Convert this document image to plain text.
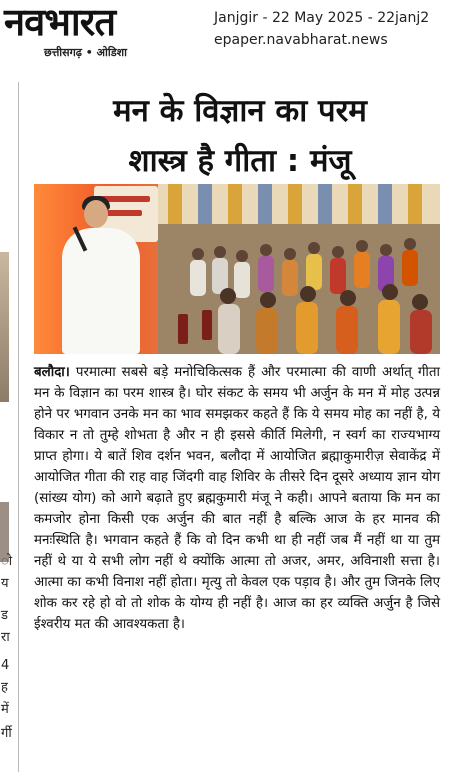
नवभारत
छत्तीसगढ़ • ओडिशा
Janjgir - 22 May 2025 - 22janj2
epaper.navabharat.news
ो
य
ड
रा
4
ह
में
र्गी
मन के विज्ञान का परम
शास्त्र है गीता : मंजू
बलौदा। परमात्मा सबसे बड़े मनोचिकित्सक हैं और परमात्मा की वाणी अर्थात् गीता मन के विज्ञान का परम शास्त्र है। घोर संकट के समय भी अर्जुन के मन में मोह उत्पन्न होने पर भगवान उनके मन का भाव समझकर कहते हैं कि ये समय मोह का नहीं है, ये विकार न तो तुम्हे शोभता है और न ही इससे कीर्ति मिलेगी, न स्वर्ग का राज्यभाग्य प्राप्त होगा। ये बातें शिव दर्शन भवन, बलौदा में आयोजित ब्रह्माकुमारीज़ सेवाकेंद्र में आयोजित गीता की राह वाह जिंदगी वाह शिविर के तीसरे दिन दूसरे अध्याय ज्ञान योग (सांख्य योग) को आगे बढ़ाते हुए ब्रह्मकुमारी मंजू ने कही। आपने बताया कि मन का कमजोर होना किसी एक अर्जुन की बात नहीं है बल्कि आज के हर मानव की मनःस्थिति है। भगवान कहते हैं कि वो दिन कभी था ही नहीं जब मैं नहीं था या तुम नहीं थे या ये सभी लोग नहीं थे क्योंकि आत्मा तो अजर, अमर, अविनाशी सत्ता है। आत्मा का कभी विनाश नहीं होता। मृत्यु तो केवल एक पड़ाव है। और तुम जिनके लिए शोक कर रहे हो वो तो शोक के योग्य ही नहीं है। आज का हर व्यक्ति अर्जुन है जिसे ईश्वरीय मत की आवश्यकता है।
